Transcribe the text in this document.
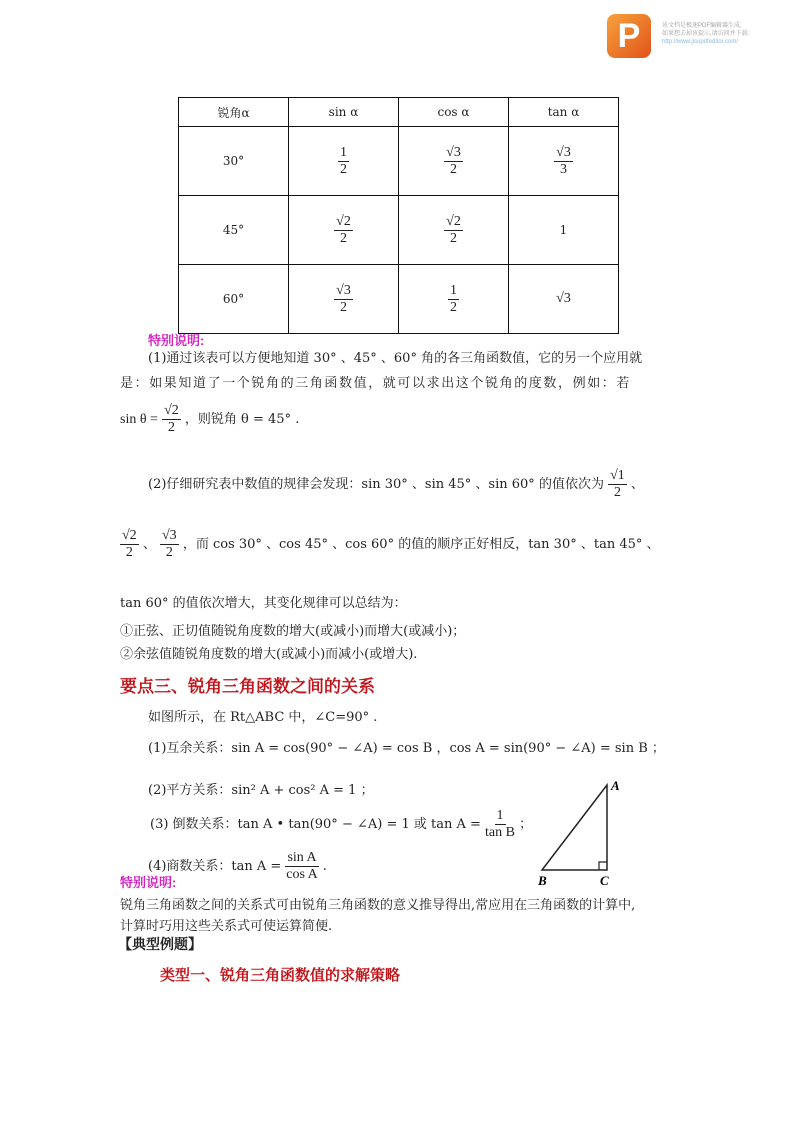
P	该文档是极速PDF编辑器生成,
如果想去掉该提示,请访问并下载:
http://www.jisupdfeditor.com/
锐角α	sin α	cos α	tan α
30°	$\frac{1}{2}$	$\frac{√3}{2}$	$\frac{√3}{3}$

45°	$\frac{√2}{2}$	$\frac{√2}{2}$	1
60°	$\frac{√3}{2}$	$\frac{1}{2}$	√3
特别说明:
(1)通过该表可以方便地知道 30° 、45° 、60° 角的各三角函数值，它的另一个应用就
是：如果知道了一个锐角的三角函数值，就可以求出这个锐角的度数，例如：若
$\sin \theta = \frac{√2}{2}$ ，则锐角 θ = 45° .
(2)仔细研究表中数值的规律会发现：sin 30° 、sin 45° 、sin 60° 的值依次为 $\frac{√1}{2}$ 、
$\frac{√2}{2}$ 、 $\frac{√3}{2}$ ，而 cos 30° 、cos 45° 、cos 60° 的值的顺序正好相反，tan 30° 、tan 45° 、
tan 60° 的值依次增大，其变化规律可以总结为：
①正弦、正切值随锐角度数的增大(或减小)而增大(或减小)；
②余弦值随锐角度数的增大(或减小)而减小(或增大).
要点三、锐角三角函数之间的关系
如图所示，在 Rt△ABC 中，∠C=90° .
(1)互余关系：sin A = cos(90° − ∠A) = cos B ，cos A = sin(90° − ∠A) = sin B ；
(2)平方关系：sin² A + cos² A = 1 ；
(3) 倒数关系：tan A • tan(90° − ∠A) = 1 或 $\tan A = \frac{1}{\text{tan B}}$ ；
(4)商数关系：$\tan A = \frac{\text{sin A}}{\text{cos A}}$ .
A
B	C
特别说明:
锐角三角函数之间的关系式可由锐角三角函数的意义推导得出,常应用在三角函数的计算中,
计算时巧用这些关系式可使运算简便.
【典型例题】
类型一、锐角三角函数值的求解策略
